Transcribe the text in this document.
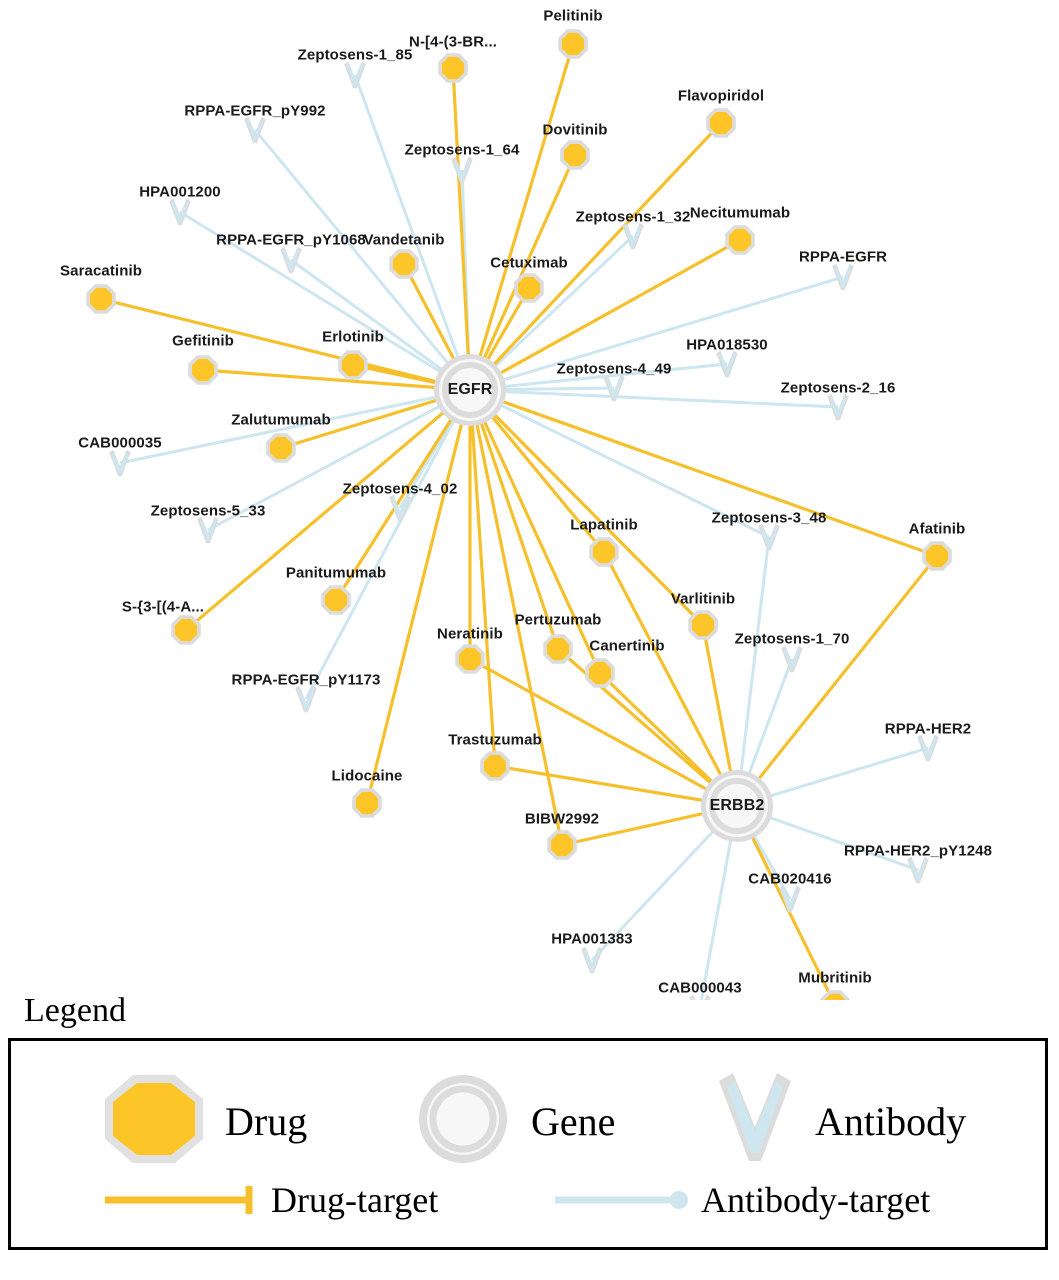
Pelitinib
N-[4-(3-BR...
Flavopiridol
Dovitinib
Vandetanib
Cetuximab
Necitumumab
Saracatinib
Gefitinib	Erlotinib
Zalutumumab
Lapatinib	Afatinib
Varlitinib
Panitumumab
Pertuzumab
S-{3-[(4-A...
Neratinib
Canertinib
Trastuzumab
Lidocaine
BIBW2992
Mubritinib
Zeptosens-1_85
RPPA-EGFR_pY992
Zeptosens-1_64
HPA001200
RPPA-EGFR_pY1068
Zeptosens-1_32
RPPA-EGFR
HPA018530
Zeptosens-4_49
Zeptosens-2_16
CAB000035
Zeptosens-5_33
Zeptosens-4_02
Zeptosens-3_48
Zeptosens-1_70
RPPA-EGFR_pY1173
RPPA-HER2
RPPA-HER2_pY1248
CAB020416
HPA001383
CAB000043
EGFR
ERBB2
Legend
Drug	Gene	Antibody
Drug-target	Antibody-target
